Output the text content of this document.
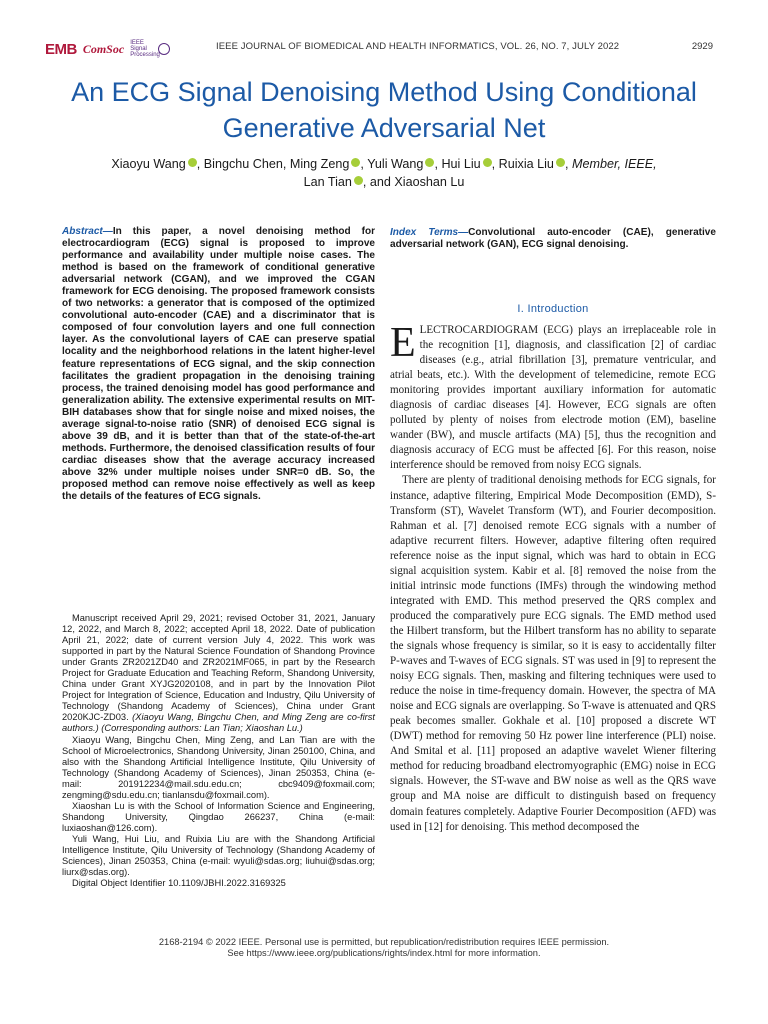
EMB ComSoc IEEE Signal Processing
IEEE JOURNAL OF BIOMEDICAL AND HEALTH INFORMATICS, VOL. 26, NO. 7, JULY 2022	2929
An ECG Signal Denoising Method Using Conditional Generative Adversarial Net
Xiaoyu Wang , Bingchu Chen, Ming Zeng , Yuli Wang , Hui Liu , Ruixia Liu , Member, IEEE,
Lan Tian , and Xiaoshan Lu
Abstract—In this paper, a novel denoising method for electrocardiogram (ECG) signal is proposed to improve performance and availability under multiple noise cases. The method is based on the framework of conditional generative adversarial network (CGAN), and we improved the CGAN framework for ECG denoising. The proposed framework consists of two networks: a generator that is composed of the optimized convolutional auto-encoder (CAE) and a discriminator that is composed of four convolution layers and one full connection layer. As the convolutional layers of CAE can preserve spatial locality and the neighborhood relations in the latent higher-level feature representations of ECG signal, and the skip connection facilitates the gradient propagation in the denoising training process, the trained denoising model has good performance and generalization ability. The extensive experimental results on MIT-BIH databases show that for single noise and mixed noises, the average signal-to-noise ratio (SNR) of denoised ECG signal is above 39 dB, and it is better than that of the state-of-the-art methods. Furthermore, the denoised classification results of four cardiac diseases show that the average accuracy increased above 32% under multiple noises under SNR=0 dB. So, the proposed method can remove noise effectively as well as keep the details of the features of ECG signals.
Index Terms—Convolutional auto-encoder (CAE), generative adversarial network (GAN), ECG signal denoising.
I. Introduction

ELECTROCARDIOGRAM (ECG) plays an irreplaceable role in the recognition [1], diagnosis, and classification [2] of cardiac diseases (e.g., atrial fibrillation [3], premature ventricular, and atrial beats, etc.). With the development of telemedicine, remote ECG monitoring provides important auxiliary information for automatic diagnosis of cardiac diseases [4]. However, ECG signals are often polluted by plenty of noises from electrode motion (EM), baseline wander (BW), and muscle artifacts (MA) [5], thus the recognition and diagnosis accuracy of ECG must be affected [6]. For this reason, noise interference should be removed from noisy ECG signals.

There are plenty of traditional denoising methods for ECG signals, for instance, adaptive filtering, Empirical Mode Decomposition (EMD), S-Transform (ST), Wavelet Transform (WT), and Fourier decomposition. Rahman et al. [7] denoised remote ECG signals with a number of adaptive recurrent filters. However, adaptive filtering often required reference noise as the input signal, which was hard to obtain in ECG signal acquisition system. Kabir et al. [8] removed the noise from the initial intrinsic mode functions (IMFs) through the windowing method integrated with EMD. This method preserved the QRS complex and produced the comparatively pure ECG signals. The EMD method used the Hilbert transform, but the Hilbert transform has no ability to separate the signals whose frequency is similar, so it is easy to accidentally filter P-waves and T-waves of ECG signals. ST was used in [9] to represent the noisy ECG signals. Then, masking and filtering techniques were used to reduce the noise in time-frequency domain. However, the spectra of MA noise and ECG signals are overlapping. So T-wave is attenuated and QRS peak becomes smaller. Gokhale et al. [10] proposed a discrete WT (DWT) method for removing 50 Hz power line interference (PLI) noise. And Smital et al. [11] proposed an adaptive wavelet Wiener filtering method for reducing broadband electromyographic (EMG) noise in ECG signals. However, the ST-wave and BW noise as well as the QRS wave group and MA noise are difficult to distinguish based on frequency domain features completely. Adaptive Fourier Decomposition (AFD) was used in [12] for denoising. This method decomposed the

Manuscript received April 29, 2021; revised October 31, 2021, January 12, 2022, and March 8, 2022; accepted April 18, 2022. Date of publication April 21, 2022; date of current version July 4, 2022. This work was supported in part by the Natural Science Foundation of Shandong Province under Grants ZR2021ZD40 and ZR2021MF065, in part by the Research Project for Graduate Education and Teaching Reform, Shandong University, China under Grant XYJG2020108, and in part by the Innovation Pilot Project for Integration of Science, Education and Industry, Qilu University of Technology (Shandong Academy of Sciences), China under Grant 2020KJC-ZD03. (Xiaoyu Wang, Bingchu Chen, and Ming Zeng are co-first authors.) (Corresponding authors: Lan Tian; Xiaoshan Lu.)

Xiaoyu Wang, Bingchu Chen, Ming Zeng, and Lan Tian are with the School of Microelectronics, Shandong University, Jinan 250100, China, and also with the Shandong Artificial Intelligence Institute, Qilu University of Technology (Shandong Academy of Sciences), Jinan 250353, China (e-mail: 201912234@mail.sdu.edu.cn; cbc9409@foxmail.com; zengming@sdu.edu.cn; tianlansdu@foxmail.com).

Xiaoshan Lu is with the School of Information Science and Engineering, Shandong University, Qingdao 266237, China (e-mail: luxiaoshan@126.com).

Yuli Wang, Hui Liu, and Ruixia Liu are with the Shandong Artificial Intelligence Institute, Qilu University of Technology (Shandong Academy of Sciences), Jinan 250353, China (e-mail: wyuli@sdas.org; liuhui@sdas.org; liurx@sdas.org).

Digital Object Identifier 10.1109/JBHI.2022.3169325

2168-2194 © 2022 IEEE. Personal use is permitted, but republication/redistribution requires IEEE permission.
See https://www.ieee.org/publications/rights/index.html for more information.
